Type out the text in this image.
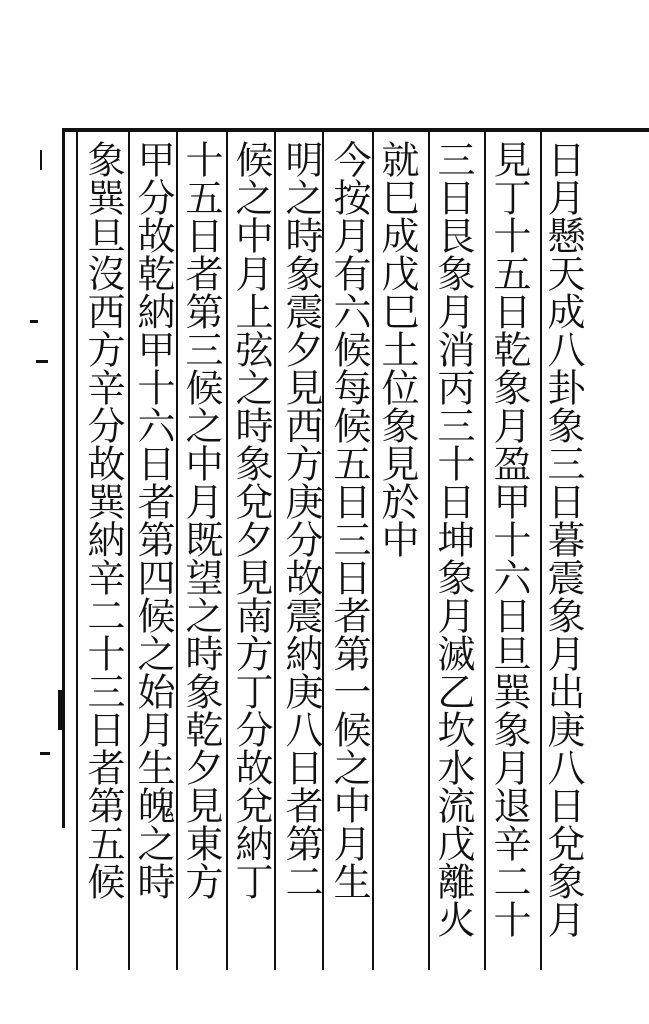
日月懸天成八卦象三日暮震象月出庚八日兌象月
見丁十五日乾象月盈甲十六日旦巽象月退辛二十
三日艮象月消丙三十日坤象月滅乙坎水流戊離火
就巳成戊巳土位象見於中
今按月有六候每候五日三日者第一候之中月生
明之時象震夕見西方庚分故震納庚八日者第二
候之中月上弦之時象兌夕見南方丁分故兌納丁
十五日者第三候之中月既望之時象乾夕見東方
甲分故乾納甲十六日者第四候之始月生魄之時
象巽旦沒西方辛分故巽納辛二十三日者第五候
